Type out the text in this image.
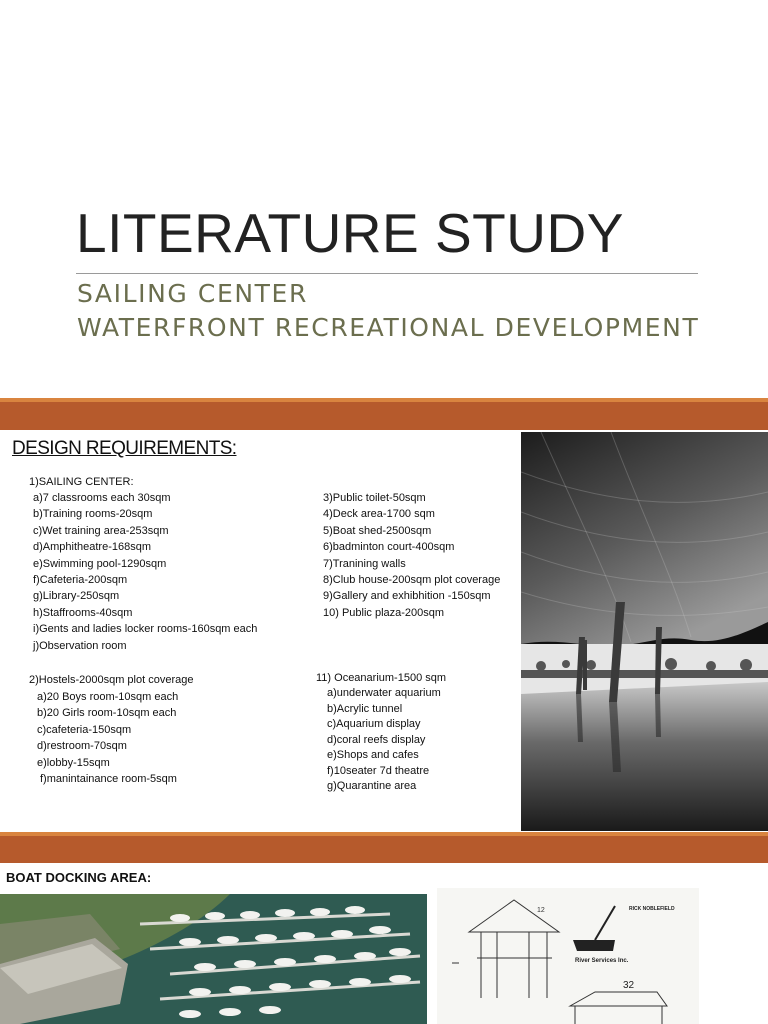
LITERATURE STUDY
SAILING CENTER
WATERFRONT RECREATIONAL DEVELOPMENT
DESIGN REQUIREMENTS:
1)SAILING CENTER:
a)7 classrooms each 30sqm
b)Training rooms-20sqm
c)Wet training area-253sqm
d)Amphitheatre-168sqm
e)Swimming pool-1290sqm
f)Cafeteria-200sqm
g)Library-250sqm
h)Staffrooms-40sqm
i)Gents and ladies locker rooms-160sqm each
j)Observation room
2)Hostels-2000sqm plot coverage
a)20 Boys room-10sqm each
b)20 Girls room-10sqm each
c)cafeteria-150sqm
d)restroom-70sqm
e)lobby-15sqm
f)manintainance room-5sqm
3)Public toilet-50sqm
4)Deck area-1700 sqm
5)Boat shed-2500sqm
6)badminton court-400sqm
7)Tranining walls
8)Club house-200sqm plot coverage
9)Gallery and exhibhition -150sqm
10) Public plaza-200sqm
11) Oceanarium-1500 sqm
a)underwater aquarium
b)Acrylic tunnel
c)Aquarium display
d)coral reefs display
e)Shops and cafes
f)10seater 7d theatre
g)Quarantine area
BOAT DOCKING AREA:
12
32
River Services Inc.
RICK NOBLEFIELD
